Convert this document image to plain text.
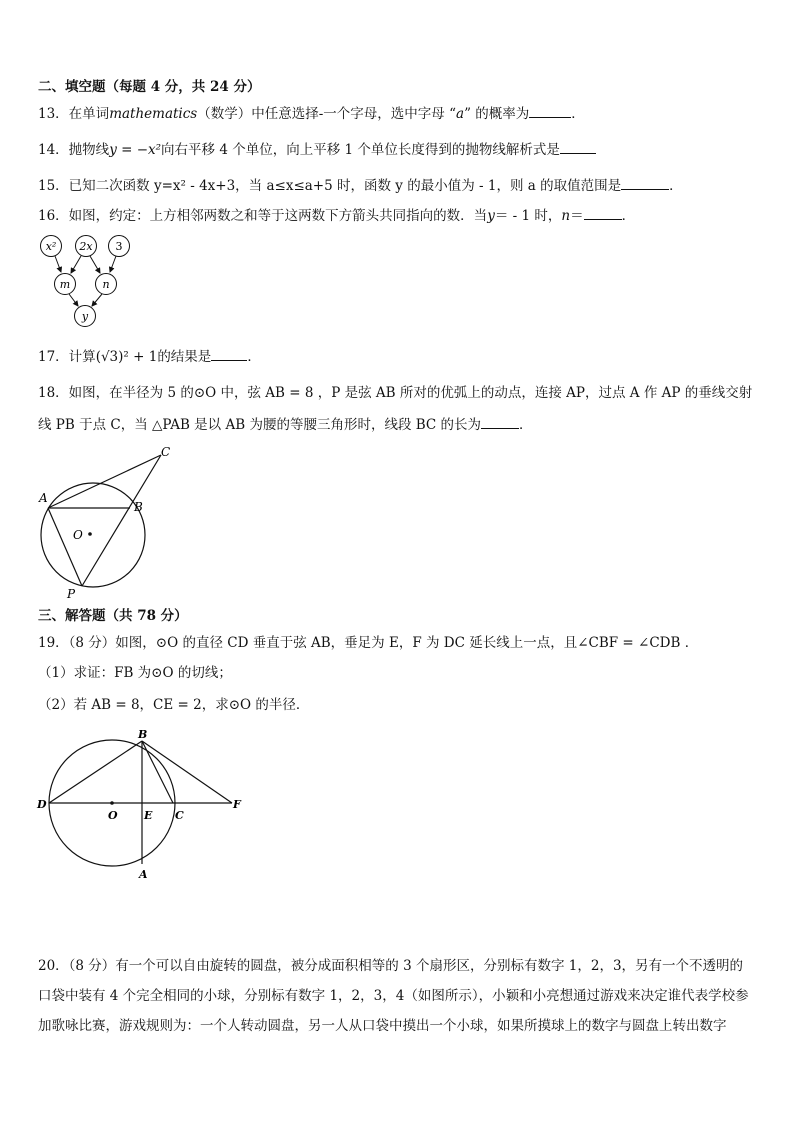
二、填空题（每题 4 分，共 24 分）
13．在单词mathematics（数学）中任意选择-一个字母，选中字母 “a” 的概率为	．
14．抛物线y = −x²向右平移 4 个单位，向上平移 1 个单位长度得到的抛物线解析式是
15．已知二次函数 y=x² - 4x+3，当 a≤x≤a+5 时，函数 y 的最小值为 - 1，则 a 的取值范围是	．
16．如图，约定：上方相邻两数之和等于这两数下方箭头共同指向的数．当y＝ - 1 时，n＝	．
x² 2x 3
m	n
y
17．计算(√3)² + 1的结果是	．
18．如图，在半径为 5 的⊙O 中，弦 AB = 8 ，P 是弦 AB 所对的优弧上的动点，连接 AP，过点 A 作 AP 的垂线交射
线 PB 于点 C，当 △PAB 是以 AB 为腰的等腰三角形时，线段 BC 的长为	．
A
B
C
O
P
三、解答题（共 78 分）
19．（8 分）如图，⊙O 的直径 CD 垂直于弦 AB，垂足为 E，F 为 DC 延长线上一点，且∠CBF = ∠CDB ．
（1）求证：FB 为⊙O 的切线；
（2）若 AB = 8，CE = 2，求⊙O 的半径．
B
D
O E C
F
A
20．（8 分）有一个可以自由旋转的圆盘，被分成面积相等的 3 个扇形区，分别标有数字 1，2，3，另有一个不透明的
口袋中装有 4 个完全相同的小球，分别标有数字 1，2，3，4（如图所示），小颖和小亮想通过游戏来决定谁代表学校参
加歌咏比赛，游戏规则为：一个人转动圆盘，另一人从口袋中摸出一个小球，如果所摸球上的数字与圆盘上转出数字
